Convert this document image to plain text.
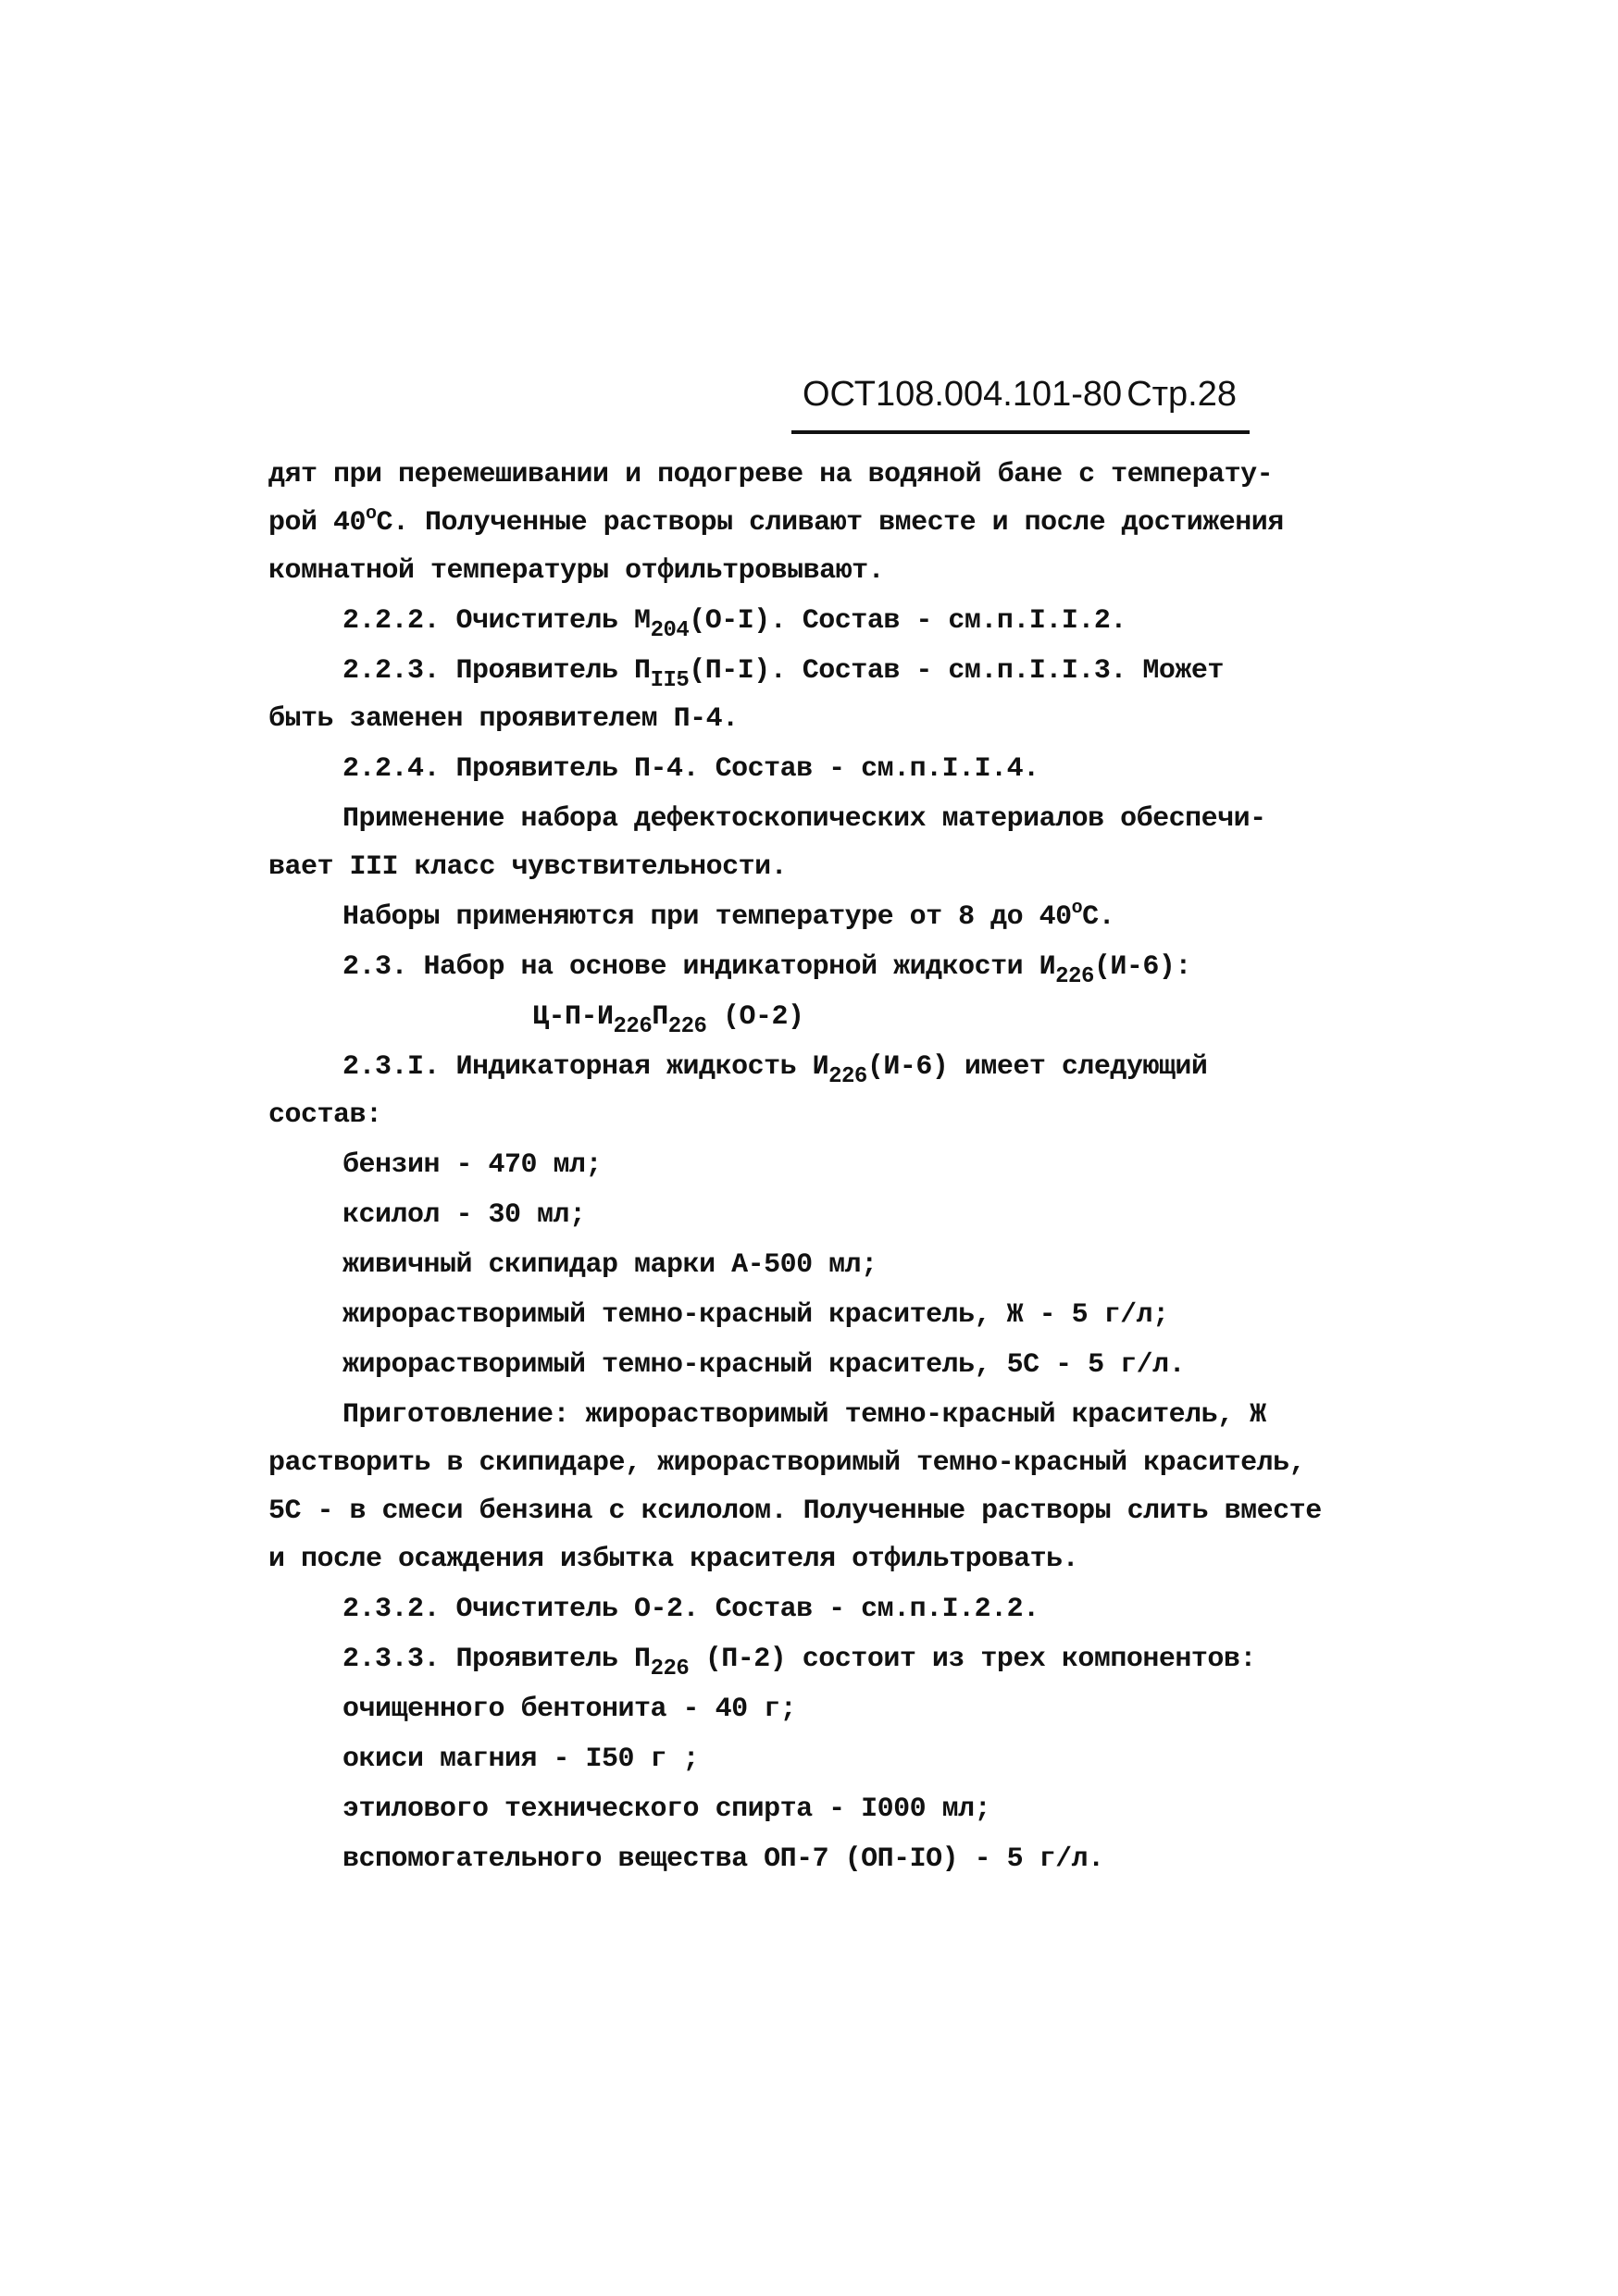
ОСТ108.004.101-80 Стр.28
дят при перемешивании и подогреве на водяной бане с температу-
рой 40$^o$С. Полученные растворы сливают вместе и после достижения
комнатной температуры отфильтровывают.
2.2.2. Очиститель $М_{204}(О-I)$. Состав - см.п.I.I.2.
2.2.3. Проявитель $П_{II5}(П-I)$. Состав - см.п.I.I.3. Может
быть заменен проявителем П-4.
2.2.4. Проявитель П-4. Состав - см.п.I.I.4.
Применение набора дефектоскопических материалов обеспечи-
вает III класс чувствительности.
Наборы применяются при температуре от 8 до 40$^o$С.
2.3. Набор на основе индикаторной жидкости $И_{226}(И-6)$:
$Ц-П-И_{226}П_{226}$ (О-2)
2.3.I. Индикаторная жидкость $И_{226}(И-6)$ имеет следующий
состав:
бензин - 470 мл;
ксилол - 30 мл;
живичный скипидар марки А-500 мл;
жирорастворимый темно-красный краситель, Ж - 5 г/л;
жирорастворимый темно-красный краситель, 5С - 5 г/л.
Приготовление: жирорастворимый темно-красный краситель, Ж
растворить в скипидаре, жирорастворимый темно-красный краситель,
5С - в смеси бензина с ксилолом. Полученные растворы слить вместе
и после осаждения избытка красителя отфильтровать.
2.3.2. Очиститель О-2. Состав - см.п.I.2.2.
2.3.3. Проявитель $П_{226}$ (П-2) состоит из трех компонентов:
очищенного бентонита - 40 г;
окиси магния - I50 г ;
этилового технического спирта - I000 мл;
вспомогательного вещества ОП-7 (ОП-IO) - 5 г/л.
